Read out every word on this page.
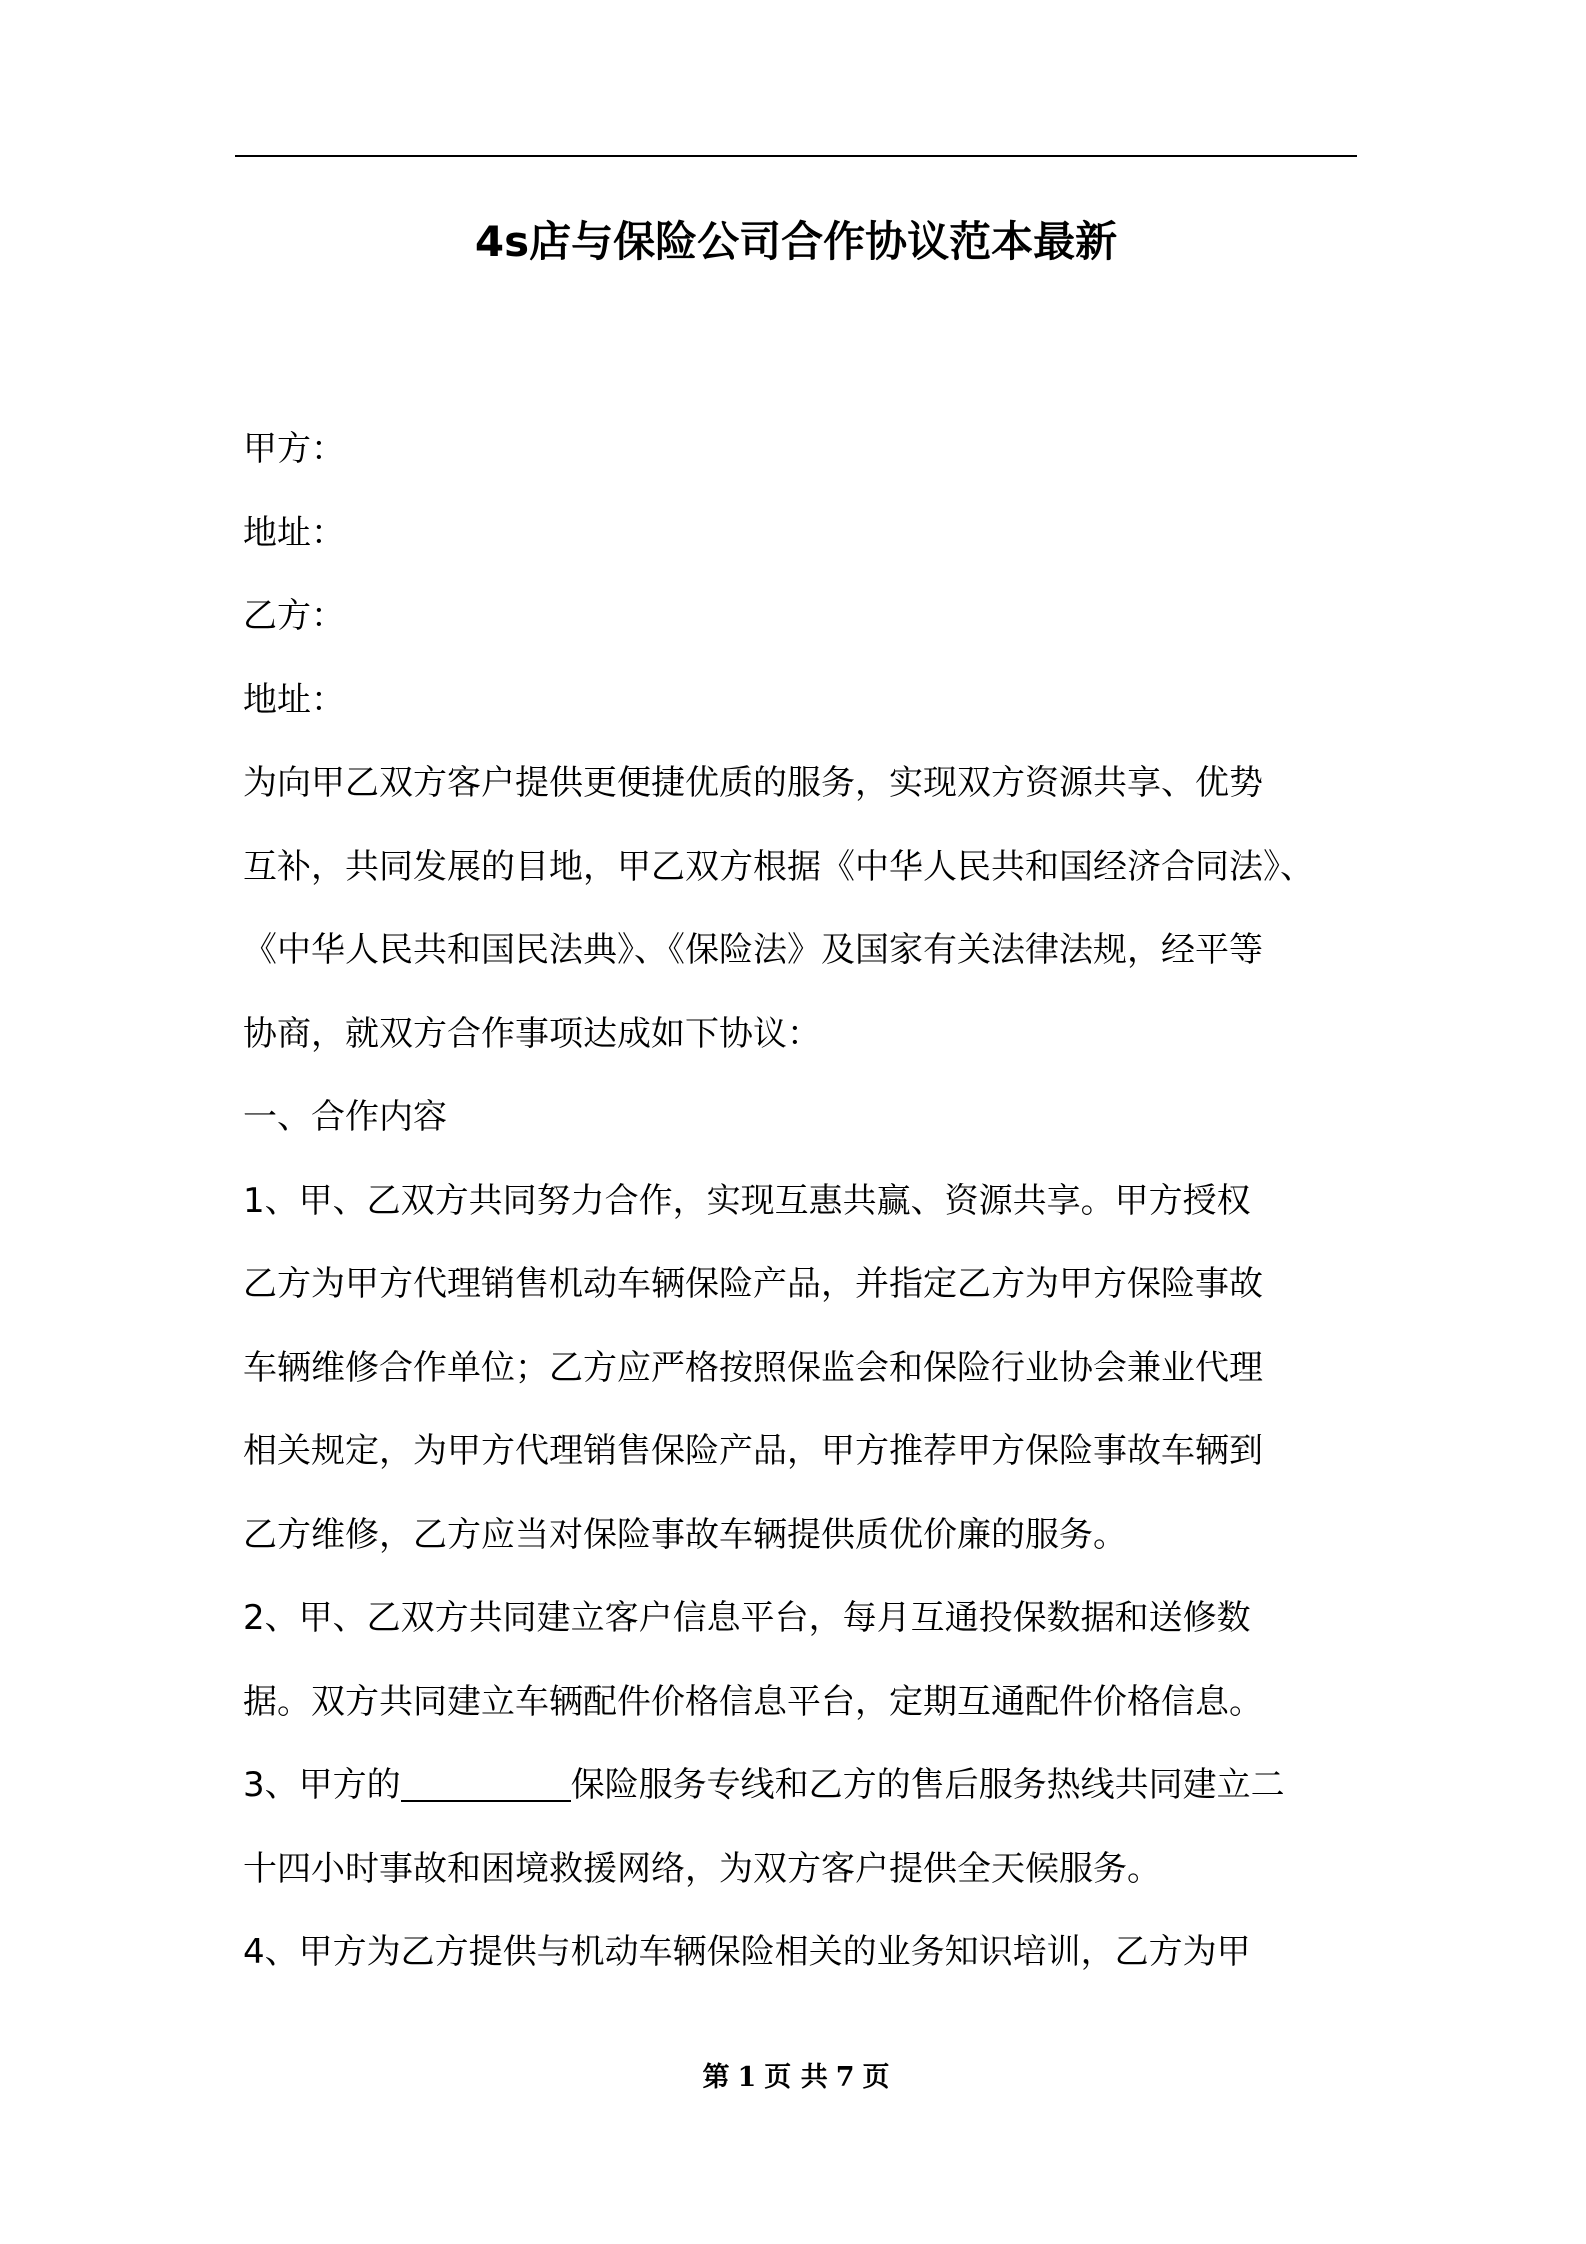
4s店与保险公司合作协议范本最新
甲方：
地址：
乙方：
地址：
为向甲乙双方客户提供更便捷优质的服务，实现双方资源共享、优势
互补，共同发展的目地，甲乙双方根据《中华人民共和国经济合同法》、
《中华人民共和国民法典》、《保险法》及国家有关法律法规，经平等
协商，就双方合作事项达成如下协议：
一、合作内容
1、甲、乙双方共同努力合作，实现互惠共赢、资源共享。甲方授权
乙方为甲方代理销售机动车辆保险产品，并指定乙方为甲方保险事故
车辆维修合作单位；乙方应严格按照保监会和保险行业协会兼业代理
相关规定，为甲方代理销售保险产品，甲方推荐甲方保险事故车辆到
乙方维修，乙方应当对保险事故车辆提供质优价廉的服务。
2、甲、乙双方共同建立客户信息平台，每月互通投保数据和送修数
据。双方共同建立车辆配件价格信息平台，定期互通配件价格信息。
3、甲方的	保险服务专线和乙方的售后服务热线共同建立二
十四小时事故和困境救援网络，为双方客户提供全天候服务。
4、甲方为乙方提供与机动车辆保险相关的业务知识培训，乙方为甲
第 1 页 共 7 页
